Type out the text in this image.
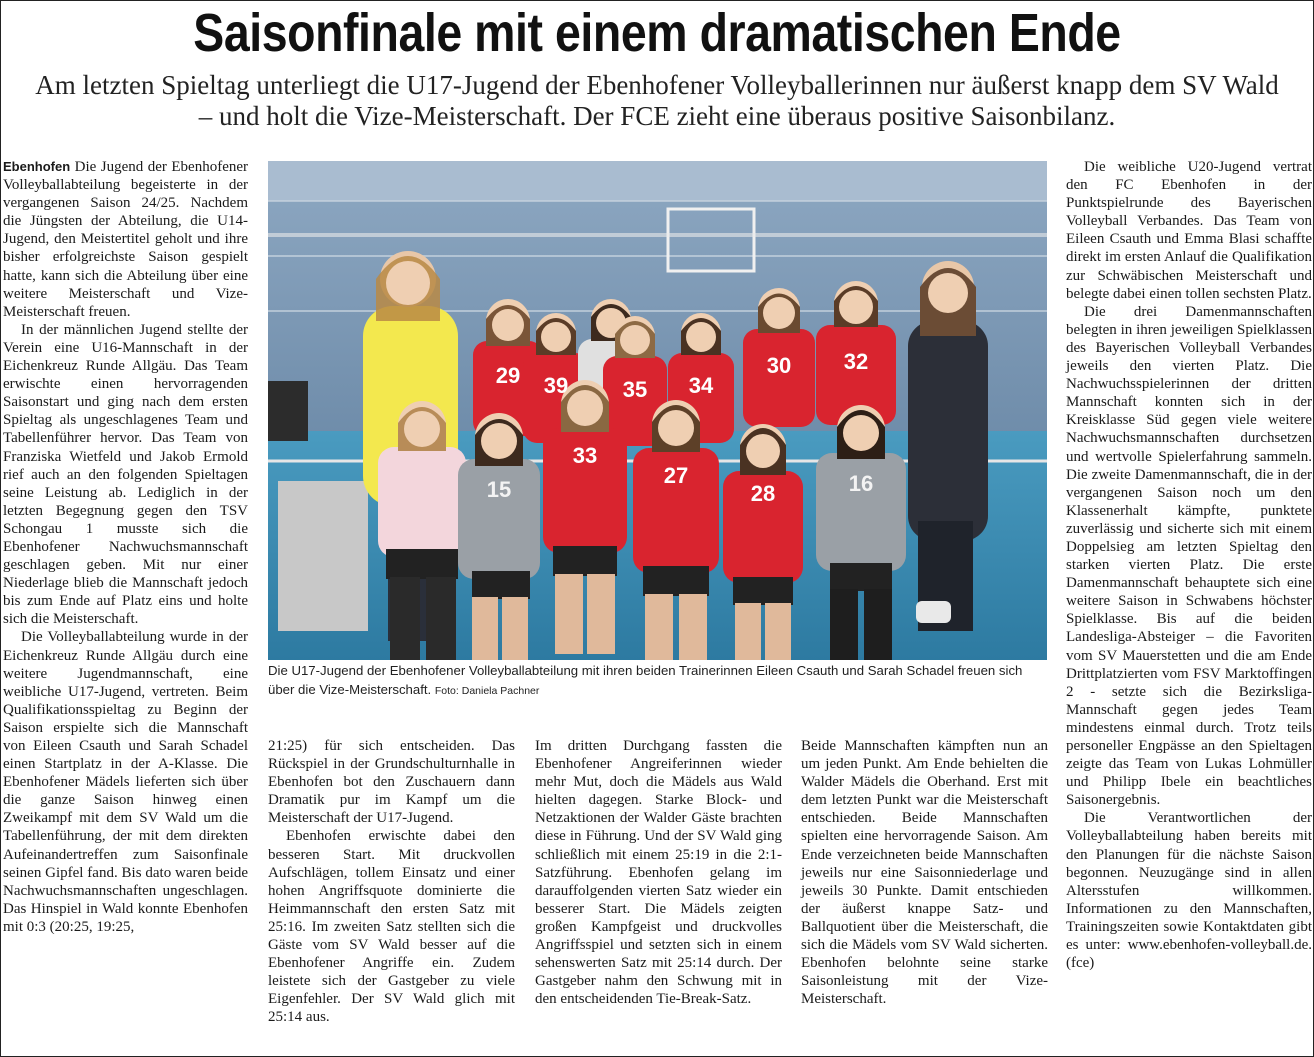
Saisonfinale mit einem dramatischen Ende
Am letzten Spieltag unterliegt die U17-Jugend der Ebenhofener Volleyballerinnen nur äußerst knapp dem SV Wald – und holt die Vize-Meisterschaft. Der FCE zieht eine überaus positive Saisonbilanz.

Ebenhofen Die Jugend der Ebenhofener Volleyballabteilung begeisterte in der vergangenen Saison 24/25. Nachdem die Jüngsten der Abteilung, die U14-Jugend, den Meistertitel geholt und ihre bisher erfolgreichste Saison gespielt hatte, kann sich die Abteilung über eine weitere Meisterschaft und Vize-Meisterschaft freuen.

In der männlichen Jugend stellte der Verein eine U16-Mannschaft in der Eichenkreuz Runde Allgäu. Das Team erwischte einen hervorragenden Saisonstart und ging nach dem ersten Spieltag als ungeschlagenes Team und Tabellenführer hervor. Das Team von Franziska Wietfeld und Jakob Ermold rief auch an den folgenden Spieltagen seine Leistung ab. Lediglich in der letzten Begegnung gegen den TSV Schongau 1 musste sich die Ebenhofener Nachwuchsmannschaft geschlagen geben. Mit nur einer Niederlage blieb die Mannschaft jedoch bis zum Ende auf Platz eins und holte sich die Meisterschaft.

Die Volleyballabteilung wurde in der Eichenkreuz Runde Allgäu durch eine weitere Jugendmannschaft, eine weibliche U17-Jugend, vertreten. Beim Qualifikationsspieltag zu Beginn der Saison erspielte sich die Mannschaft von Eileen Csauth und Sarah Schadel einen Startplatz in der A-Klasse. Die Ebenhofener Mädels lieferten sich über die ganze Saison hinweg einen Zweikampf mit dem SV Wald um die Tabellenführung, der mit dem direkten Aufeinandertreffen zum Saisonfinale seinen Gipfel fand. Bis dato waren beide Nachwuchsmannschaften ungeschlagen. Das Hinspiel in Wald konnte Ebenhofen mit 0:3 (20:25, 19:25,

29 39 35 34
30 32
15
33
27
28	16
Die U17-Jugend der Ebenhofener Volleyballabteilung mit ihren beiden Trainerinnen Eileen Csauth und Sarah Schadel freuen sich über die Vize-Meisterschaft. Foto: Daniela Pachner

21:25) für sich entscheiden. Das Rückspiel in der Grundschulturnhalle in Ebenhofen bot den Zuschauern dann Dramatik pur im Kampf um die Meisterschaft der U17-Jugend.

Ebenhofen erwischte dabei den besseren Start. Mit druckvollen Aufschlägen, tollem Einsatz und einer hohen Angriffsquote dominierte die Heimmannschaft den ersten Satz mit 25:16. Im zweiten Satz stellten sich die Gäste vom SV Wald besser auf die Ebenhofener Angriffe ein. Zudem leistete sich der Gastgeber zu viele Eigenfehler. Der SV Wald glich mit 25:14 aus.

Im dritten Durchgang fassten die Ebenhofener Angreiferinnen wieder mehr Mut, doch die Mädels aus Wald hielten dagegen. Starke Block- und Netzaktionen der Walder Gäste brachten diese in Führung. Und der SV Wald ging schließlich mit einem 25:19 in die 2:1-Satzführung. Ebenhofen gelang im darauffolgenden vierten Satz wieder ein besserer Start. Die Mädels zeigten großen Kampfgeist und druckvolles Angriffsspiel und setzten sich in einem sehenswerten Satz mit 25:14 durch. Der Gastgeber nahm den Schwung mit in den entscheidenden Tie-Break-Satz.

Beide Mannschaften kämpften nun an um jeden Punkt. Am Ende behielten die Walder Mädels die Oberhand. Erst mit dem letzten Punkt war die Meisterschaft entschieden. Beide Mannschaften spielten eine hervorragende Saison. Am Ende verzeichneten beide Mannschaften jeweils nur eine Saisonniederlage und jeweils 30 Punkte. Damit entschieden der äußerst knappe Satz- und Ballquotient über die Meisterschaft, die sich die Mädels vom SV Wald sicherten. Ebenhofen belohnte seine starke Saisonleistung mit der Vize-Meisterschaft.

Die weibliche U20-Jugend vertrat den FC Ebenhofen in der Punktspielrunde des Bayerischen Volleyball Verbandes. Das Team von Eileen Csauth und Emma Blasi schaffte direkt im ersten Anlauf die Qualifikation zur Schwäbischen Meisterschaft und belegte dabei einen tollen sechsten Platz.

Die drei Damenmannschaften belegten in ihren jeweiligen Spielklassen des Bayerischen Volleyball Verbandes jeweils den vierten Platz. Die Nachwuchsspielerinnen der dritten Mannschaft konnten sich in der Kreisklasse Süd gegen viele weitere Nachwuchsmannschaften durchsetzen und wertvolle Spielerfahrung sammeln. Die zweite Damenmannschaft, die in der vergangenen Saison noch um den Klassenerhalt kämpfte, punktete zuverlässig und sicherte sich mit einem Doppelsieg am letzten Spieltag den starken vierten Platz. Die erste Damenmannschaft behauptete sich eine weitere Saison in Schwabens höchster Spielklasse. Bis auf die beiden Landesliga-Absteiger – die Favoriten vom SV Mauerstetten und die am Ende Drittplatzierten vom FSV Marktoffingen 2 - setzte sich die Bezirksliga-Mannschaft gegen jedes Team mindestens einmal durch. Trotz teils personeller Engpässe an den Spieltagen zeigte das Team von Lukas Lohmüller und Philipp Ibele ein beachtliches Saisonergebnis.

Die Verantwortlichen der Volleyballabteilung haben bereits mit den Planungen für die nächste Saison begonnen. Neuzugänge sind in allen Altersstufen willkommen. Informationen zu den Mannschaften, Trainingszeiten sowie Kontaktdaten gibt es unter: www.ebenhofen-volleyball.de. (fce)
